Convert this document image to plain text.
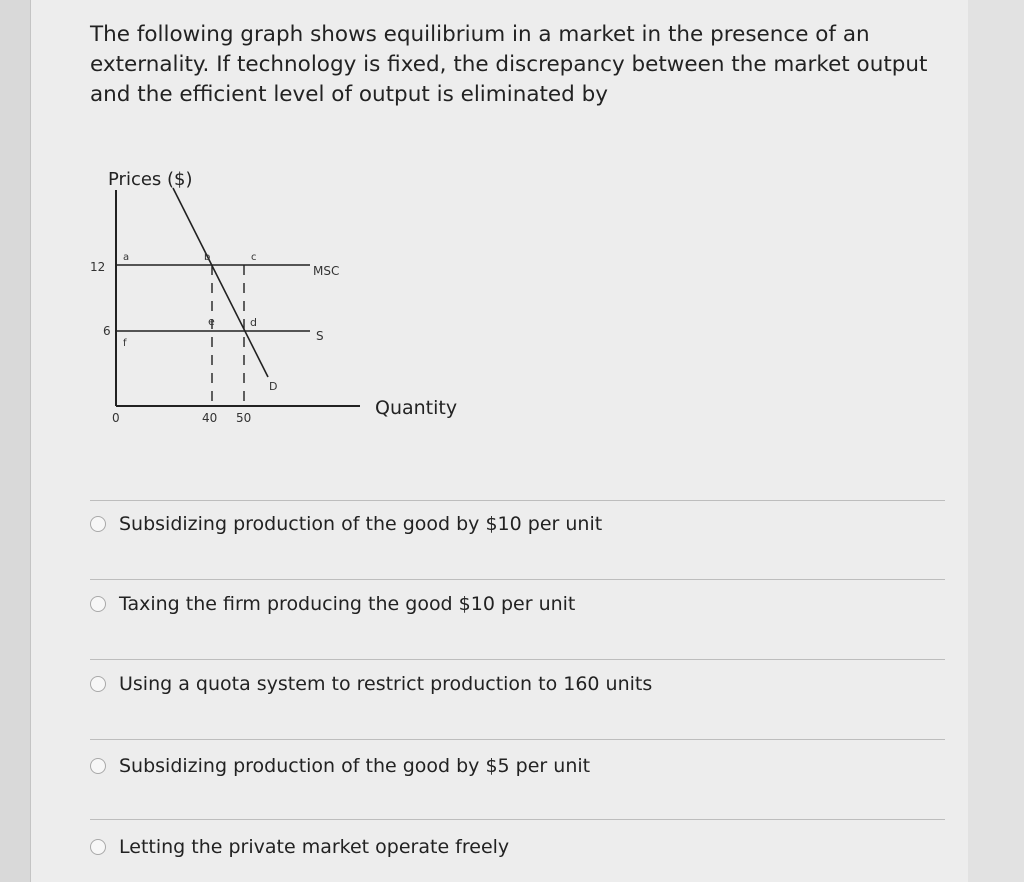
The following graph shows equilibrium in a market in the presence of an externality. If technology is fixed, the discrepancy between the market output and the efficient level of output is eliminated by

12
6
0	40 50
Prices ($)
Quantity
MSC
S
D
a	b	c
e	d
f
Subsidizing production of the good by $10 per unit
Taxing the firm producing the good $10 per unit
Using a quota system to restrict production to 160 units
Subsidizing production of the good by $5 per unit
Letting the private market operate freely
